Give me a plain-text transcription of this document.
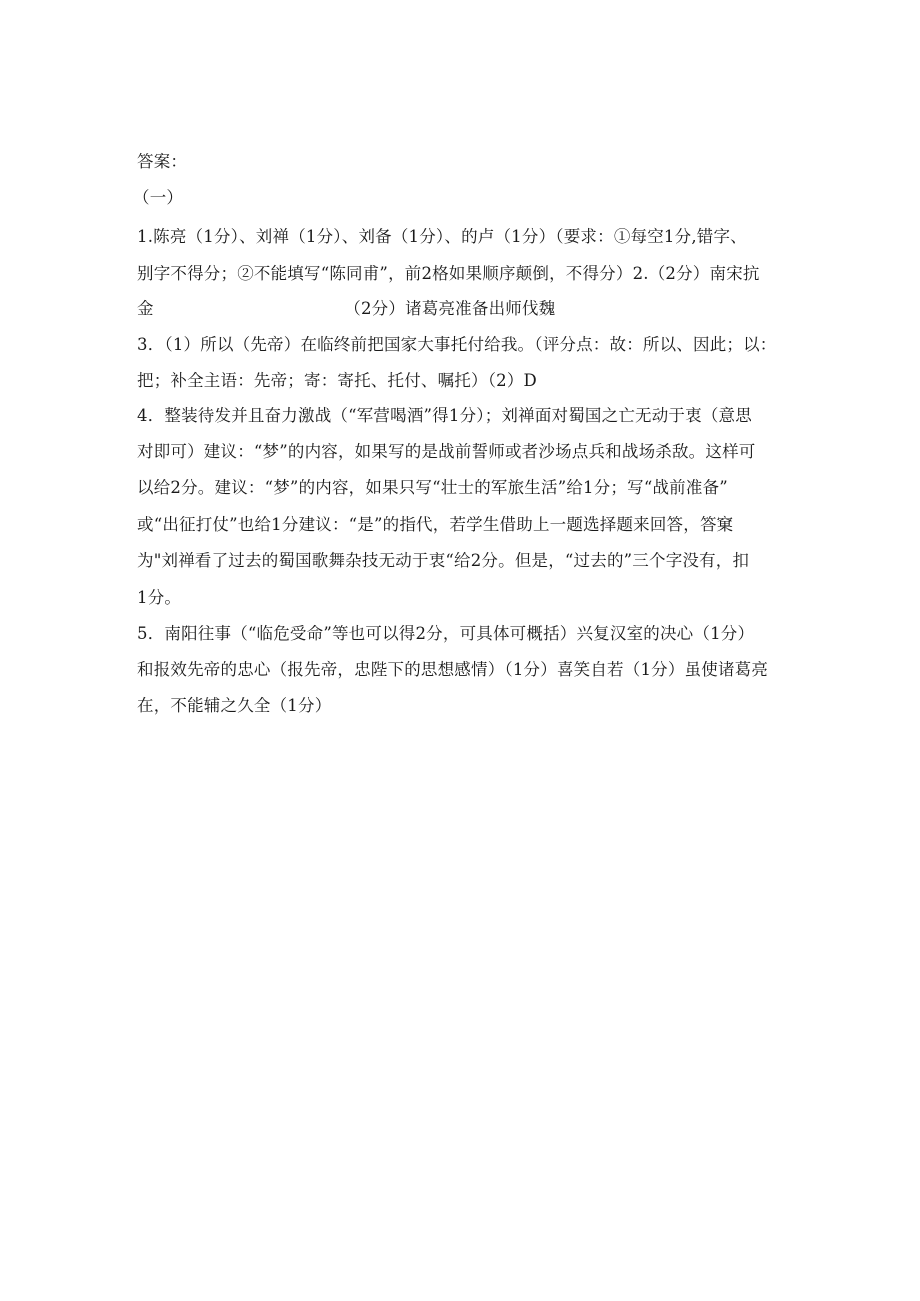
答案：
（一）
1.陈亮（1分）、刘禅（1分）、刘备（1分）、的卢（1分）（要求：①每空1分,错字、
别字不得分；②不能填写“陈同甫”，前2格如果顺序颠倒，不得分）2.（2分）南宋抗
金                                   （2分）诸葛亮准备出师伐魏
3．（1）所以（先帝）在临终前把国家大事托付给我。（评分点：故：所以、因此；以：
把；补全主语：先帝；寄：寄托、托付、嘱托）（2）D
4．整装待发并且奋力激战（“军营喝酒”得1分）；刘禅面对蜀国之亡无动于衷（意思
对即可）建议：“梦”的内容，如果写的是战前誓师或者沙场点兵和战场杀敌。这样可
以给2分。建议：“梦”的内容，如果只写“壮士的军旅生活”给1分；写“战前准备”
或“出征打仗”也给1分建议：“是”的指代，若学生借助上一题选择题来回答，答窠
为"刘禅看了过去的蜀国歌舞杂技无动于衷“给2分。但是，“过去的”三个字没有，扣
1分。
5．南阳往事（“临危受命”等也可以得2分，可具体可概括）兴复汉室的决心（1分）
和报效先帝的忠心（报先帝，忠陛下的思想感情）（1分）喜笑自若（1分）虽使诸葛亮
在，不能辅之久全（1分）
